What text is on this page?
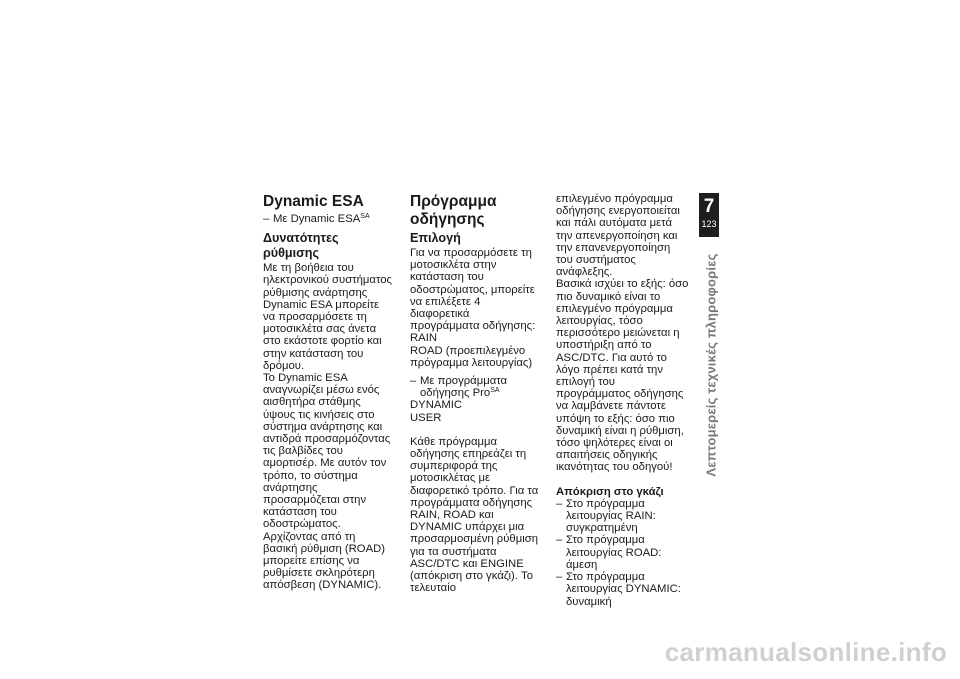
Dynamic ESA

– Με Dynamic $ESA^{SA}$

Δυνατότητες ρύθμισης

Με τη βοήθεια του ηλεκτρονικού συστήματος ρύθμισης ανάρτησης Dynamic ESA μπορείτε να προσαρμόσετε τη μοτοσικλέτα σας άνετα στο εκάστοτε φορτίο και στην κατάσταση του δρόμου.

Το Dynamic ESA αναγνωρίζει μέσω ενός αισθητήρα στάθμης ύψους τις κινήσεις στο σύστημα ανάρτησης και αντιδρά προσαρμόζοντας τις βαλβίδες του αμορτισέρ. Με αυτόν τον τρόπο, το σύστημα ανάρτησης προσαρμόζεται στην κατάσταση του οδοστρώματος.

Αρχίζοντας από τη βασική ρύθμιση (ROAD) μπορείτε επίσης να ρυθμίσετε σκληρότερη απόσβεση (DYNAMIC).

Πρόγραμμα οδήγησης
Επιλογή

Για να προσαρμόσετε τη μοτοσικλέτα στην κατάσταση του οδοστρώματος, μπορείτε να επιλέξετε 4 διαφορετικά προγράμματα οδήγησης:

RAIN

ROAD (προεπιλεγμένο πρόγραμμα λειτουργίας)

– Με προγράμματα οδήγησης Pro$^{SA}$

DYNAMIC

USER

Κάθε πρόγραμμα οδήγησης επηρεάζει τη συμπεριφορά της μοτοσικλέτας με διαφορετικό τρόπο. Για τα προγράμματα οδήγησης RAIN, ROAD και DYNAMIC υπάρχει μια προσαρμοσμένη ρύθμιση για τα συστήματα ASC/DTC και ENGINE (απόκριση στο γκάζι). Το τελευταίο

επιλεγμένο πρόγραμμα οδήγησης ενεργοποιείται και πάλι αυτόματα μετά την απενεργοποίηση και την επανενεργοποίηση του συστήματος ανάφλεξης.

Βασικά ισχύει το εξής: όσο πιο δυναμικό είναι το επιλεγμένο πρόγραμμα λειτουργίας, τόσο περισσότερο μειώνεται η υποστήριξη από το ASC/DTC. Για αυτό το λόγο πρέπει κατά την επιλογή του προγράμματος οδήγησης να λαμβάνετε πάντοτε υπόψη το εξής: όσο πιο δυναμική είναι η ρύθμιση, τόσο ψηλότερες είναι οι απαιτήσεις οδηγικής ικανότητας του οδηγού!

Απόκριση στο γκάζι

– Στο πρόγραμμα λειτουργίας RAIN: συγκρατημένη

– Στο πρόγραμμα λειτουργίας ROAD: άμεση

– Στο πρόγραμμα λειτουργίας DYNAMIC: δυναμική

7
123
Λεπτομερείς τεχνικές πληροφορίες
carmanualsonline.info
